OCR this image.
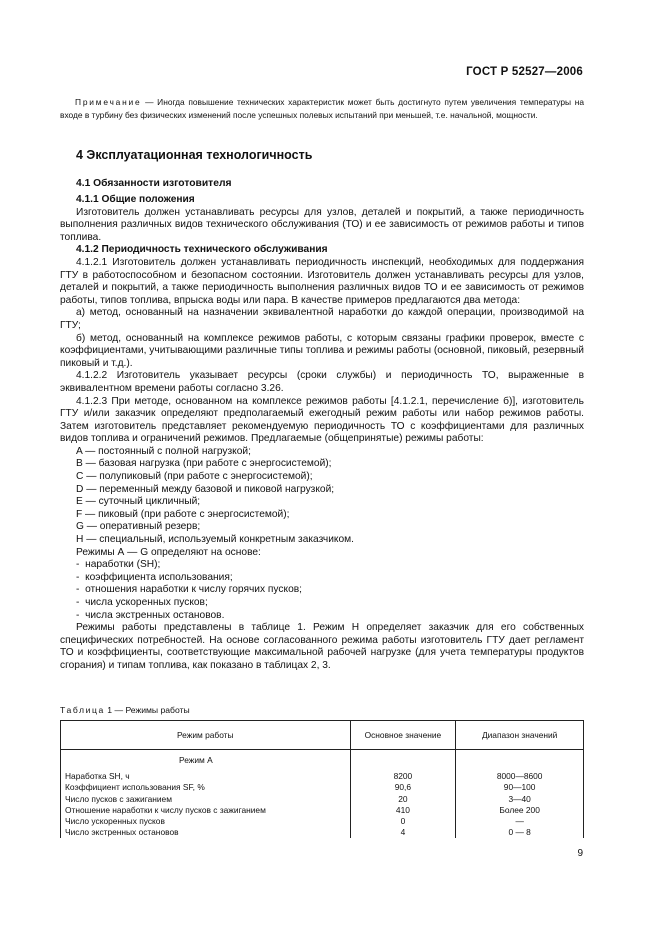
ГОСТ Р 52527—2006

Примечание — Иногда повышение технических характеристик может быть достигнуто путем увеличения температуры на входе в турбину без физических изменений после успешных полевых испытаний при меньшей, т.е. начальной, мощности.

4 Эксплуатационная технологичность
4.1 Обязанности изготовителя

4.1.1 Общие положения

Изготовитель должен устанавливать ресурсы для узлов, деталей и покрытий, а также периодичность выполнения различных видов технического обслуживания (ТО) и ее зависимость от режимов работы и типов топлива.

4.1.2 Периодичность технического обслуживания

4.1.2.1 Изготовитель должен устанавливать периодичность инспекций, необходимых для поддержания ГТУ в работоспособном и безопасном состоянии. Изготовитель должен устанавливать ресурсы для узлов, деталей и покрытий, а также периодичность выполнения различных видов ТО и ее зависимость от режимов работы, типов топлива, впрыска воды или пара. В качестве примеров предлагаются два метода:

а) метод, основанный на назначении эквивалентной наработки до каждой операции, производимой на ГТУ;

б) метод, основанный на комплексе режимов работы, с которым связаны графики проверок, вместе с коэффициентами, учитывающими различные типы топлива и режимы работы (основной, пиковый, резервный пиковый и т.д.).

4.1.2.2 Изготовитель указывает ресурсы (сроки службы) и периодичность ТО, выраженные в эквивалентном времени работы согласно 3.26.

4.1.2.3 При методе, основанном на комплексе режимов работы [4.1.2.1, перечисление б)], изготовитель ГТУ и/или заказчик определяют предполагаемый ежегодный режим работы или набор режимов работы. Затем изготовитель представляет рекомендуемую периодичность ТО с коэффициентами для различных видов топлива и ограничений режимов. Предлагаемые (общепринятые) режимы работы:

A — постоянный с полной нагрузкой;
B — базовая нагрузка (при работе с энергосистемой);
C — полупиковый (при работе с энергосистемой);
D — переменный между базовой и пиковой нагрузкой;
E — суточный цикличный;
F — пиковый (при работе с энергосистемой);
G — оперативный резерв;
H — специальный, используемый конкретным заказчиком.

Режимы А — G определяют на основе:

-  наработки (SH);
-  коэффициента использования;
-  отношения наработки к числу горячих пусков;
-  числа ускоренных пусков;
-  числа экстренных остановов.

Режимы работы представлены в таблице 1. Режим Н определяет заказчик для его собственных специфических потребностей. На основе согласованного режима работы изготовитель ГТУ дает регламент ТО и коэффициенты, соответствующие максимальной рабочей нагрузке (для учета температуры продуктов сгорания) и типам топлива, как показано в таблицах 2, 3.

Таблица 1 — Режимы работы
Режим работы	Основное значение	Диапазон значений
Режим А		
Наработка SH, ч	8200	8000—8600
Коэффициент использования SF, %	90,6	90—100
Число пусков с зажиганием	20	3—40
Отношение наработки к числу пусков с зажиганием	410	Более 200
Число ускоренных пусков	0	—
Число экстренных остановов	4	0 — 8
9
